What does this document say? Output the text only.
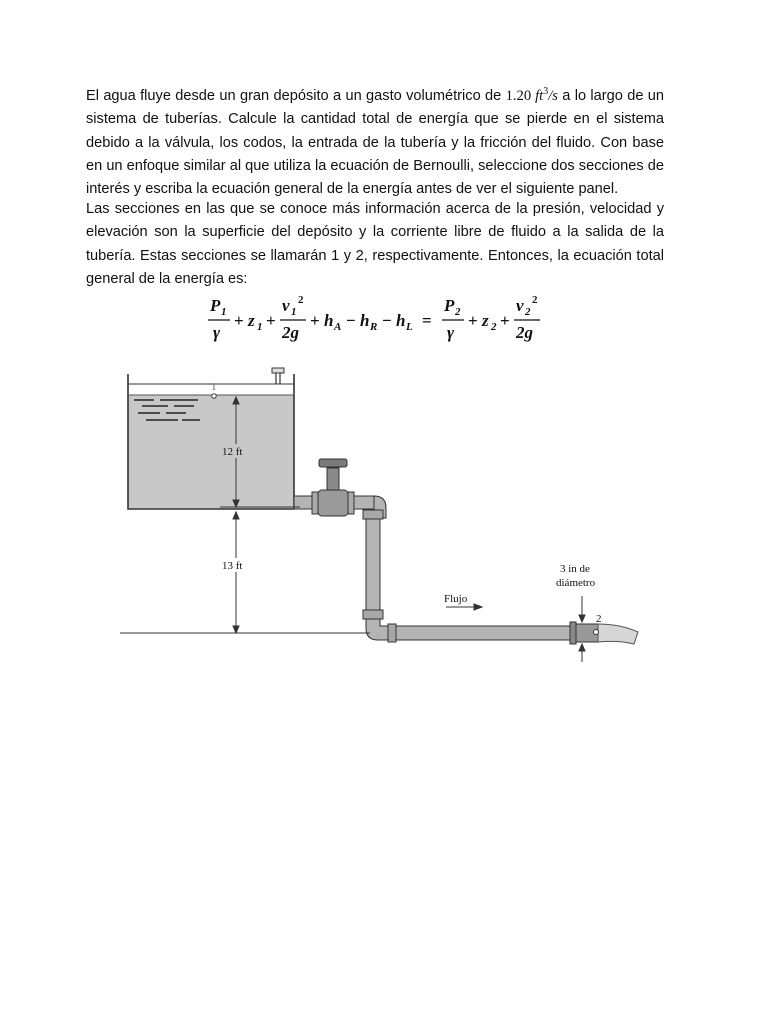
El agua fluye desde un gran depósito a un gasto volumétrico de 1.20 $ft^3/s$ a lo largo de un sistema de tuberías. Calcule la cantidad total de energía que se pierde en el sistema debido a la válvula, los codos, la entrada de la tubería y la fricción del fluido. Con base en un enfoque similar al que utiliza la ecuación de Bernoulli, seleccione dos secciones de interés y escriba la ecuación general de la energía antes de ver el siguiente panel.

Las secciones en las que se conoce más información acerca de la presión, velocidad y elevación son la superficie del depósito y la corriente libre de fluido a la salida de la tubería. Estas secciones se llamarán 1 y 2, respectivamente. Entonces, la ecuación total general de la energía es:

P 1
γ
+ z 1 +
v 1
2
2g
+ h A − h R − h L =
P 2
γ
+ z 2 +
v 2
2
2g
1
2
12 ft
13 ft
Flujo
3 in de
diámetro
